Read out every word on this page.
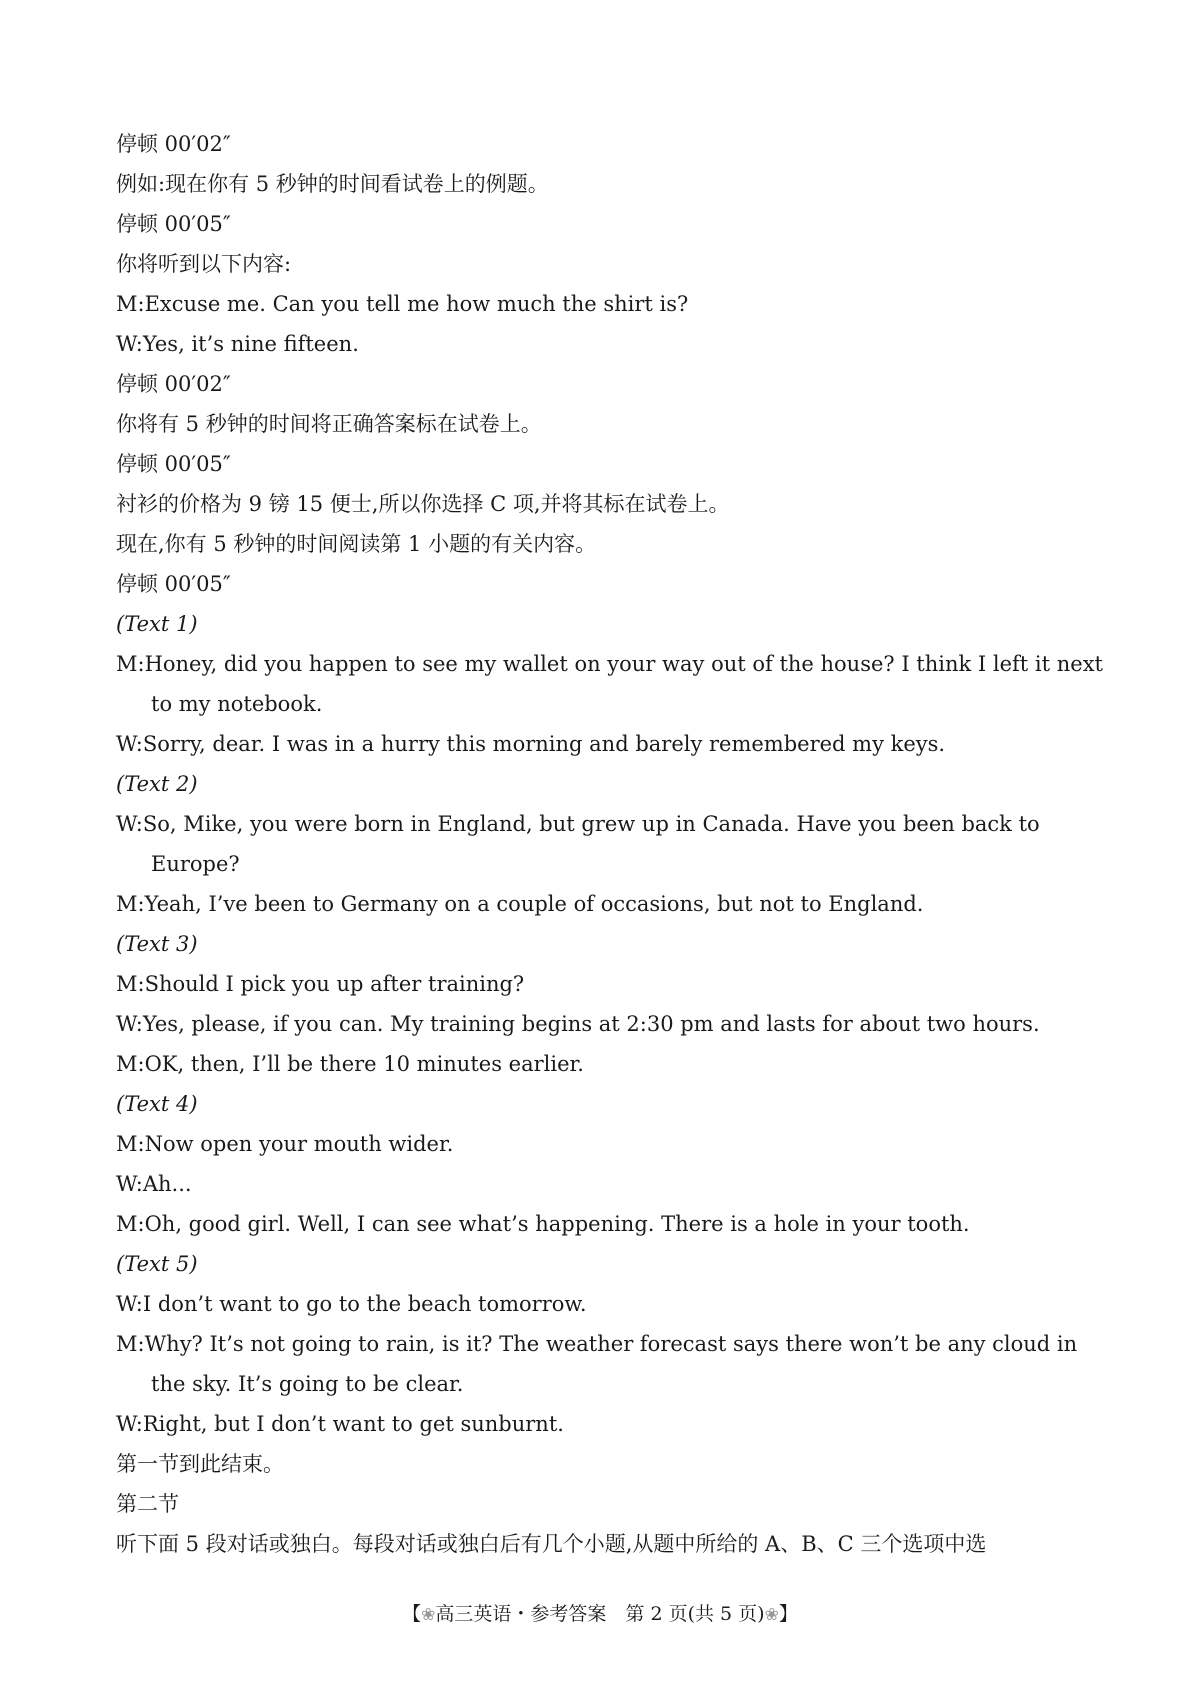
停顿 00′02″
例如:现在你有 5 秒钟的时间看试卷上的例题。
停顿 00′05″
你将听到以下内容:
M:Excuse me. Can you tell me how much the shirt is?
W:Yes, it’s nine fifteen.
停顿 00′02″
你将有 5 秒钟的时间将正确答案标在试卷上。
停顿 00′05″
衬衫的价格为 9 镑 15 便士,所以你选择 C 项,并将其标在试卷上。
现在,你有 5 秒钟的时间阅读第 1 小题的有关内容。
停顿 00′05″
(Text 1)
M:Honey, did you happen to see my wallet on your way out of the house? I think I left it next to my notebook.
W:Sorry, dear. I was in a hurry this morning and barely remembered my keys.
(Text 2)
W:So, Mike, you were born in England, but grew up in Canada. Have you been back to Europe?
M:Yeah, I’ve been to Germany on a couple of occasions, but not to England.
(Text 3)
M:Should I pick you up after training?
W:Yes, please, if you can. My training begins at 2:30 pm and lasts for about two hours.
M:OK, then, I’ll be there 10 minutes earlier.
(Text 4)
M:Now open your mouth wider.
W:Ah...
M:Oh, good girl. Well, I can see what’s happening. There is a hole in your tooth.
(Text 5)
W:I don’t want to go to the beach tomorrow.
M:Why? It’s not going to rain, is it? The weather forecast says there won’t be any cloud in the sky. It’s going to be clear.
W:Right, but I don’t want to get sunburnt.
第一节到此结束。
第二节
听下面 5 段对话或独白。每段对话或独白后有几个小题,从题中所给的 A、B、C 三个选项中选
【❀高三英语・参考答案　第 2 页(共 5 页)❀】
